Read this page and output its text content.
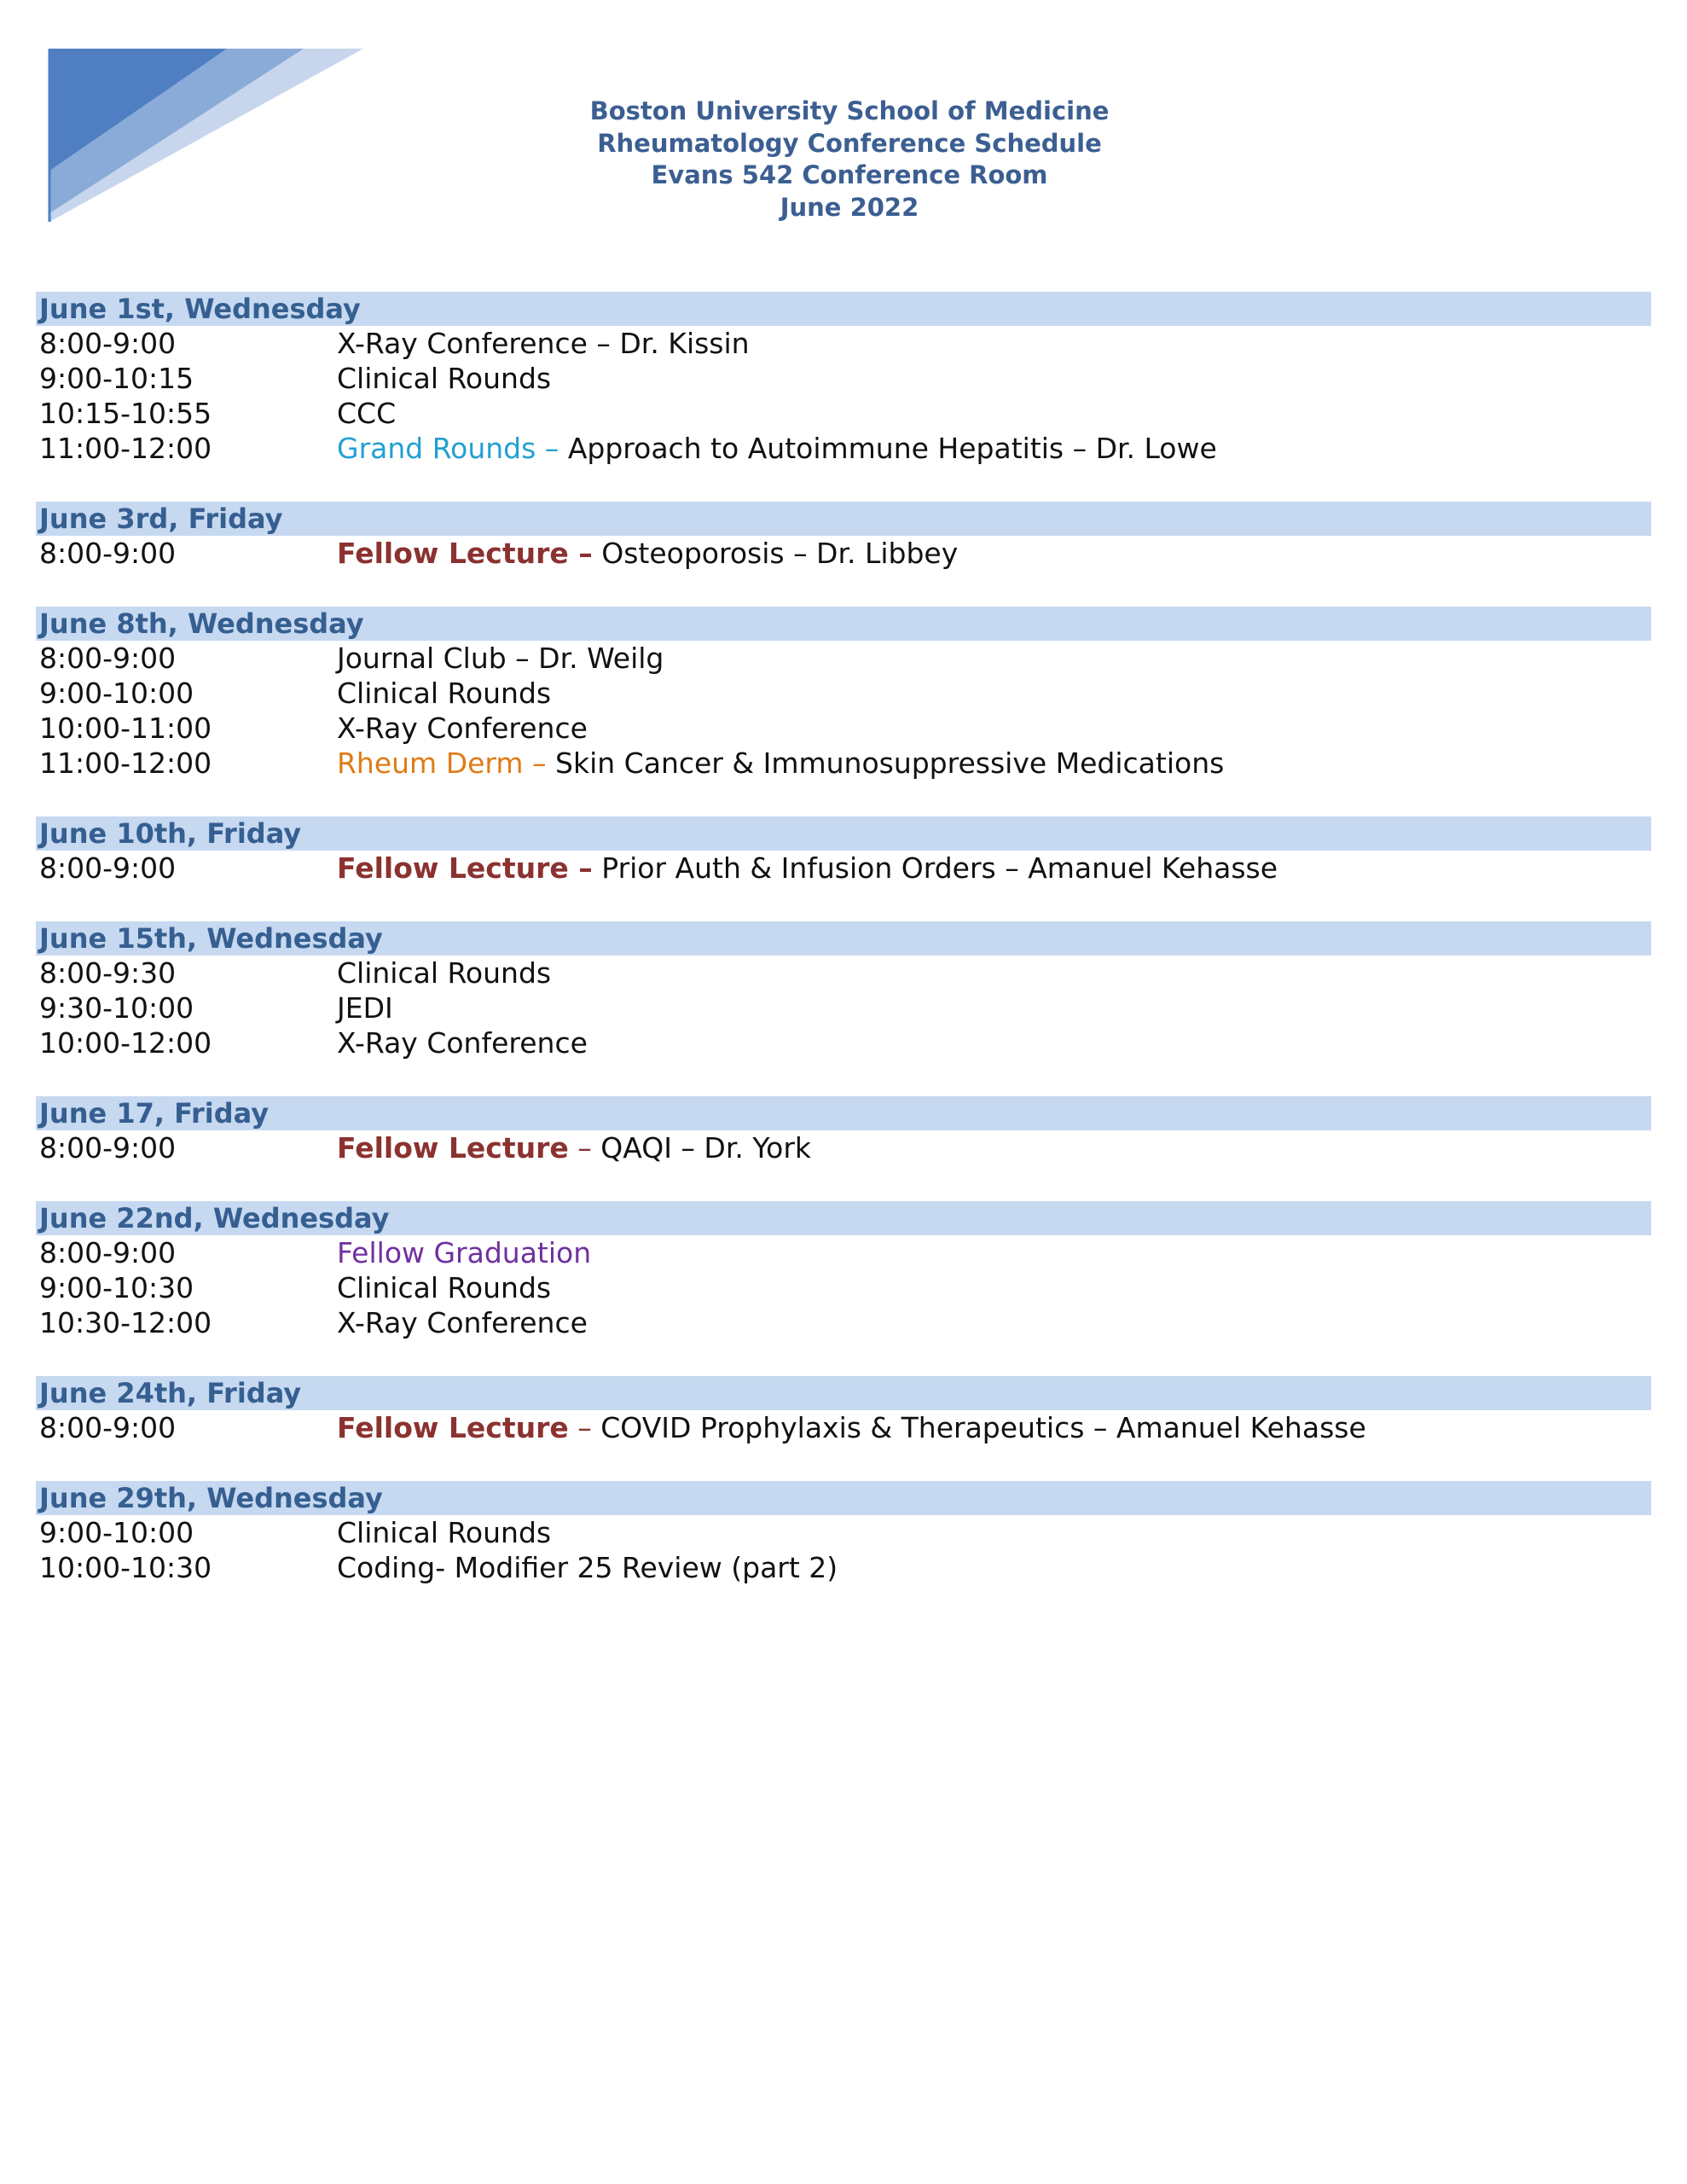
Boston University School of Medicine
Rheumatology Conference Schedule
Evans 542 Conference Room
June 2022
June 1st, Wednesday
8:00-9:00	X-Ray Conference – Dr. Kissin
9:00-10:15	Clinical Rounds
10:15-10:55	CCC
11:00-12:00	Grand Rounds – Approach to Autoimmune Hepatitis – Dr. Lowe
June 3rd, Friday
8:00-9:00	Fellow Lecture – Osteoporosis – Dr. Libbey
June 8th, Wednesday
8:00-9:00	Journal Club – Dr. Weilg
9:00-10:00	Clinical Rounds
10:00-11:00	X-Ray Conference
11:00-12:00	Rheum Derm – Skin Cancer & Immunosuppressive Medications
June 10th, Friday
8:00-9:00	Fellow Lecture – Prior Auth & Infusion Orders – Amanuel Kehasse
June 15th, Wednesday
8:00-9:30	Clinical Rounds
9:30-10:00	JEDI
10:00-12:00	X-Ray Conference
June 17, Friday
8:00-9:00	Fellow Lecture – QAQI – Dr. York
June 22nd, Wednesday
8:00-9:00	Fellow Graduation
9:00-10:30	Clinical Rounds
10:30-12:00	X-Ray Conference
June 24th, Friday
8:00-9:00	Fellow Lecture – COVID Prophylaxis & Therapeutics – Amanuel Kehasse
June 29th, Wednesday
9:00-10:00	Clinical Rounds
10:00-10:30	Coding- Modifier 25 Review (part 2)
